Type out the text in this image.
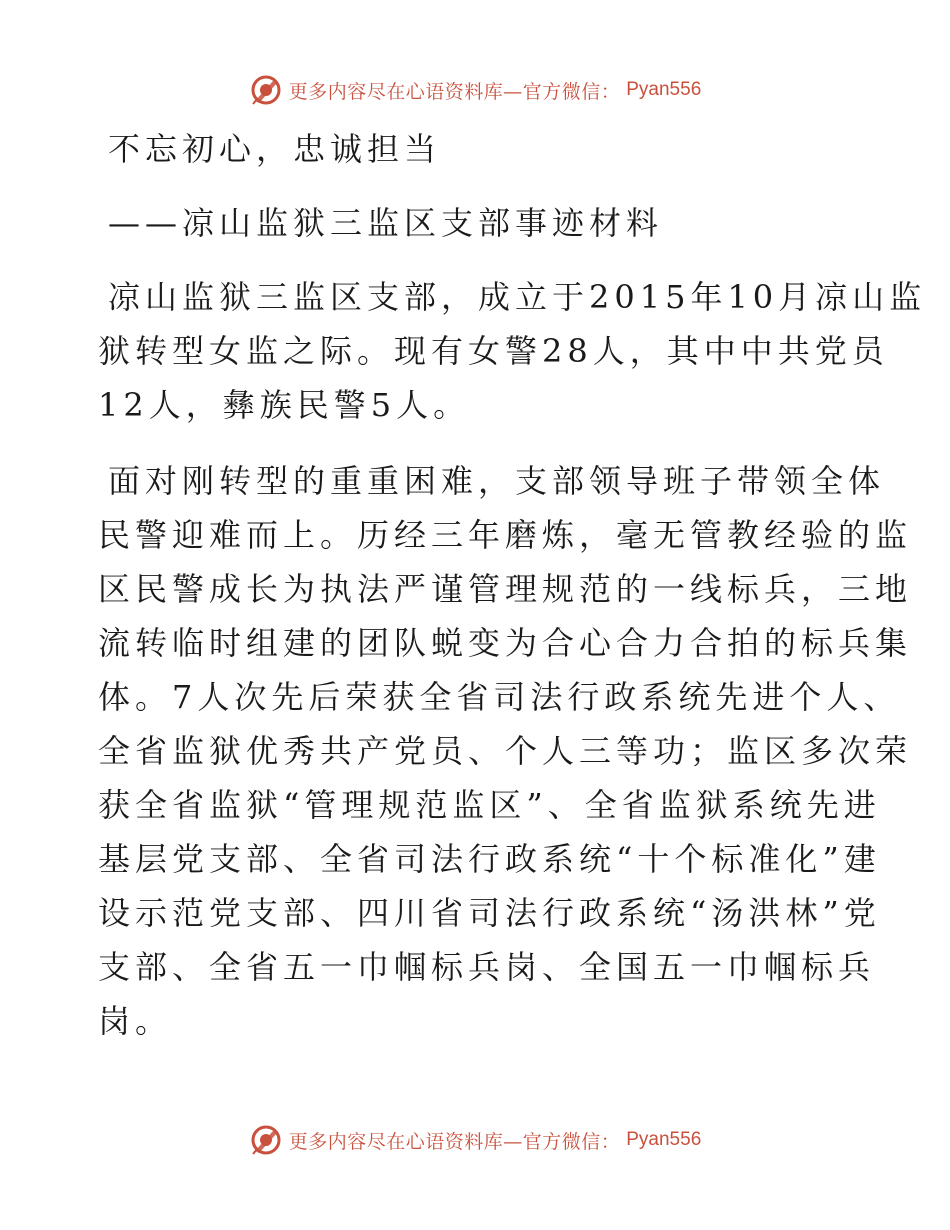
更多内容尽在心语资料库—官方微信： Pyan556
不忘初心，忠诚担当
——凉山监狱三监区支部事迹材料

凉山监狱三监区支部，成立于2015年10月凉山监

狱转型女监之际。现有女警28人，其中中共党员

12人，彝族民警5人。

面对刚转型的重重困难，支部领导班子带领全体

民警迎难而上。历经三年磨炼，毫无管教经验的监

区民警成长为执法严谨管理规范的一线标兵，三地

流转临时组建的团队蜕变为合心合力合拍的标兵集

体。7人次先后荣获全省司法行政系统先进个人、

全省监狱优秀共产党员、个人三等功；监区多次荣

获全省监狱“管理规范监区”、全省监狱系统先进

基层党支部、全省司法行政系统“十个标准化”建

设示范党支部、四川省司法行政系统“汤洪林”党

支部、全省五一巾帼标兵岗、全国五一巾帼标兵

岗。

更多内容尽在心语资料库—官方微信： Pyan556
